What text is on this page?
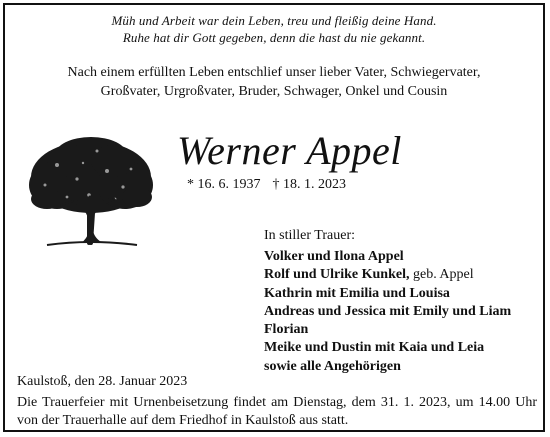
Müh und Arbeit war dein Leben, treu und fleißig deine Hand.
Ruhe hat dir Gott gegeben, denn die hast du nie gekannt.
Nach einem erfüllten Leben entschlief unser lieber Vater, Schwiegervater,
Großvater, Urgroßvater, Bruder, Schwager, Onkel und Cousin
Werner Appel
* 16. 6. 1937 † 18. 1. 2023
In stiller Trauer:
Volker und Ilona Appel
Rolf und Ulrike Kunkel, geb. Appel
Kathrin mit Emilia und Louisa
Andreas und Jessica mit Emily und Liam
Florian
Meike und Dustin mit Kaia und Leia
sowie alle Angehörigen
Kaulstoß, den 28. Januar 2023
Die Trauerfeier mit Urnenbeisetzung findet am Dienstag, dem 31. 1. 2023, um 14.00 Uhr von der Trauerhalle auf dem Friedhof in Kaulstoß aus statt.
